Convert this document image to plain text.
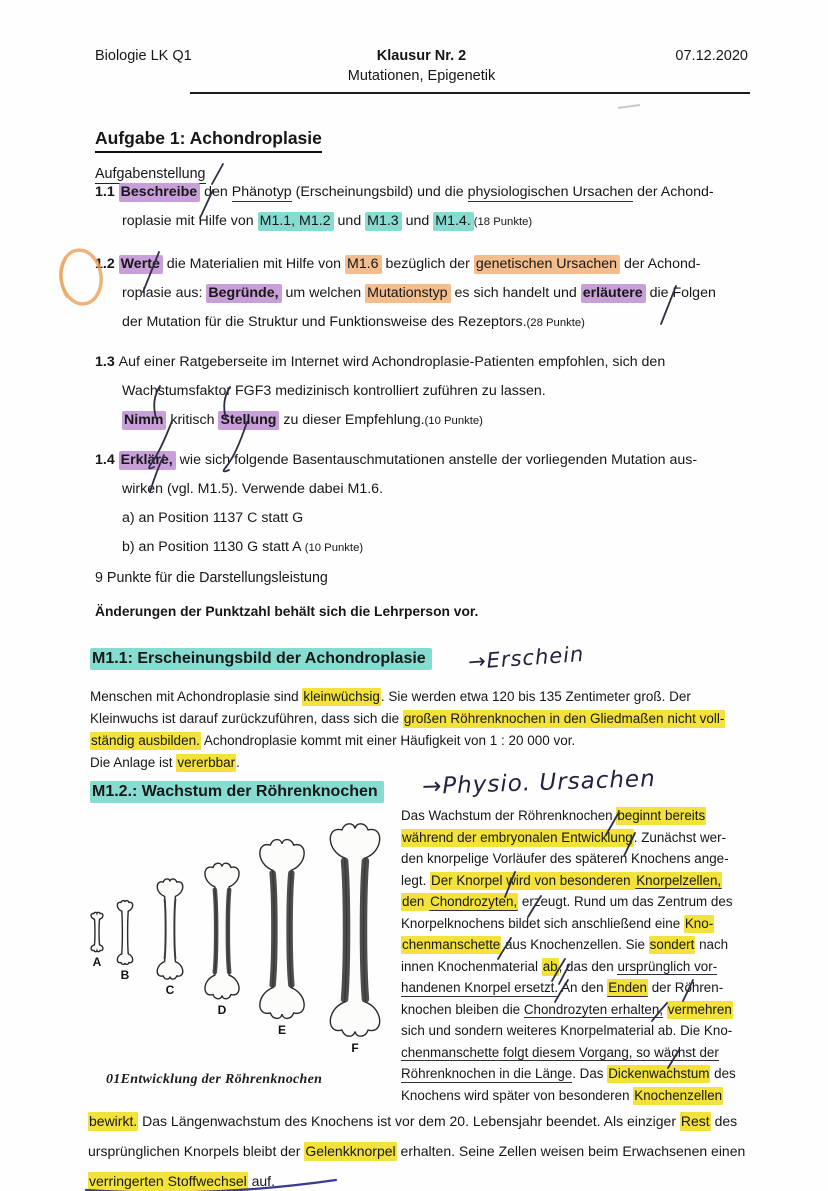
Biologie LK Q1	Klausur Nr. 2
Mutationen, Epigenetik
07.12.2020
Aufgabe 1: Achondroplasie
Aufgabenstellung
1.1 Beschreibe den Phänotyp (Erscheinungsbild) und die physiologischen Ursachen der Achond-
roplasie mit Hilfe von M1.1, M1.2 und M1.3 und M1.4. (18 Punkte)
1.2 Werte die Materialien mit Hilfe von M1.6 bezüglich der genetischen Ursachen der Achond-
roplasie aus: Begründe, um welchen Mutationstyp es sich handelt und erläutere die Folgen
der Mutation für die Struktur und Funktionsweise des Rezeptors.(28 Punkte)
1.3 Auf einer Ratgeberseite im Internet wird Achondroplasie-Patienten empfohlen, sich den
Wachstumsfaktor FGF3 medizinisch kontrolliert zuführen zu lassen.
Nimm kritisch Stellung zu dieser Empfehlung.(10 Punkte)
1.4 Erkläre, wie sich folgende Basentauschmutationen anstelle der vorliegenden Mutation aus-
wirken (vgl. M1.5). Verwende dabei M1.6.
a) an Position 1137 C statt G
b) an Position 1130 G statt A (10 Punkte)
9 Punkte für die Darstellungsleistung
Änderungen der Punktzahl behält sich die Lehrperson vor.
M1.1: Erscheinungsbild der Achondroplasie →Erschein
Menschen mit Achondroplasie sind kleinwüchsig. Sie werden etwa 120 bis 135 Zentimeter groß. Der
Kleinwuchs ist darauf zurückzuführen, dass sich die großen Röhrenknochen in den Gliedmaßen nicht voll-
ständig ausbilden. Achondroplasie kommt mit einer Häufigkeit von 1 : 20 000 vor.
Die Anlage ist vererbbar.
M1.2.: Wachstum der Röhrenknochen →Physio. Ursachen
A
B
C
D
E
F
01Entwicklung der Röhrenknochen
Das Wachstum der Röhrenknochen beginnt bereits
während der embryonalen Entwicklung. Zunächst wer-
den knorpelige Vorläufer des späteren Knochens ange-
legt. Der Knorpel wird von besonderen Knorpelzellen,
den Chondrozyten, erzeugt. Rund um das Zentrum des
Knorpelknochens bildet sich anschließend eine Kno-
chenmanschette aus Knochenzellen. Sie sondert nach
innen Knochenmaterial ab, das den ursprünglich vor-
handenen Knorpel ersetzt. An den Enden der Röhren-
knochen bleiben die Chondrozyten erhalten, vermehren
sich und sondern weiteres Knorpelmaterial ab. Die Kno-
chenmanschette folgt diesem Vorgang, so wächst der
Röhrenknochen in die Länge. Das Dickenwachstum des
Knochens wird später von besonderen Knochenzellen
bewirkt. Das Längenwachstum des Knochens ist vor dem 20. Lebensjahr beendet. Als einziger Rest des
ursprünglichen Knorpels bleibt der Gelenkknorpel erhalten. Seine Zellen weisen beim Erwachsenen einen
verringerten Stoffwechsel auf.
